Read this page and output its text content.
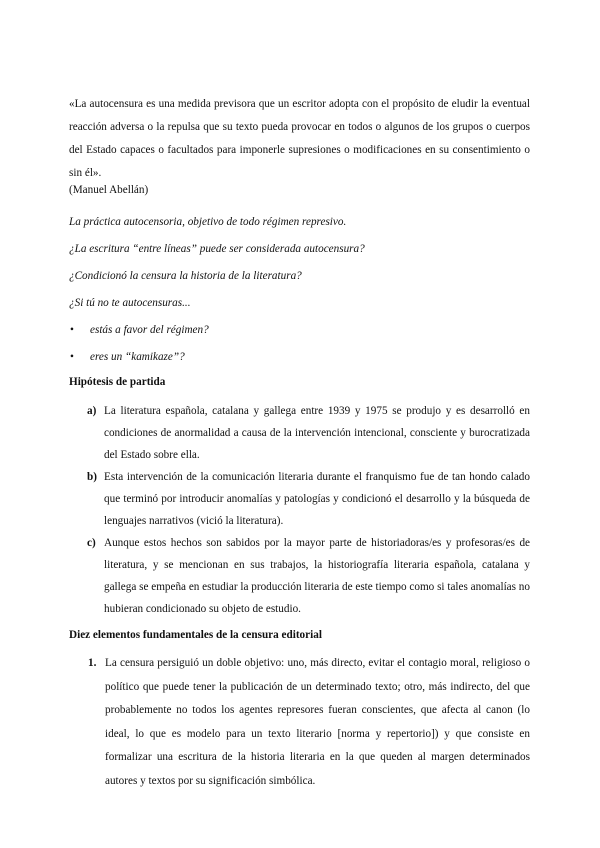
«La autocensura es una medida previsora que un escritor adopta con el propósito de eludir la eventual reacción adversa o la repulsa que su texto pueda provocar en todos o algunos de los grupos o cuerpos del Estado capaces o facultados para imponerle supresiones o modificaciones en su consentimiento o sin él».

(Manuel Abellán)

La práctica autocensoria, objetivo de todo régimen represivo.

¿La escritura “entre líneas” puede ser considerada autocensura?

¿Condicionó la censura la historia de la literatura?

¿Si tú no te autocensuras...

• estás a favor del régimen?
• eres un “kamikaze”?

Hipótesis de partida

a) La literatura española, catalana y gallega entre 1939 y 1975 se produjo y es desarrolló en condiciones de anormalidad a causa de la intervención intencional, consciente y burocratizada del Estado sobre ella.
b) Esta intervención de la comunicación literaria durante el franquismo fue de tan hondo calado que terminó por introducir anomalías y patologías y condicionó el desarrollo y la búsqueda de lenguajes narrativos (vició la literatura).
c) Aunque estos hechos son sabidos por la mayor parte de historiadoras/es y profesoras/es de literatura, y se mencionan en sus trabajos, la historiografía literaria española, catalana y gallega se empeña en estudiar la producción literaria de este tiempo como si tales anomalías no hubieran condicionado su objeto de estudio.

Diez elementos fundamentales de la censura editorial

1. La censura persiguió un doble objetivo: uno, más directo, evitar el contagio moral, religioso o político que puede tener la publicación de un determinado texto; otro, más indirecto, del que probablemente no todos los agentes represores fueran conscientes, que afecta al canon (lo ideal, lo que es modelo para un texto literario [norma y repertorio]) y que consiste en formalizar una escritura de la historia literaria en la que queden al margen determinados autores y textos por su significación simbólica.
